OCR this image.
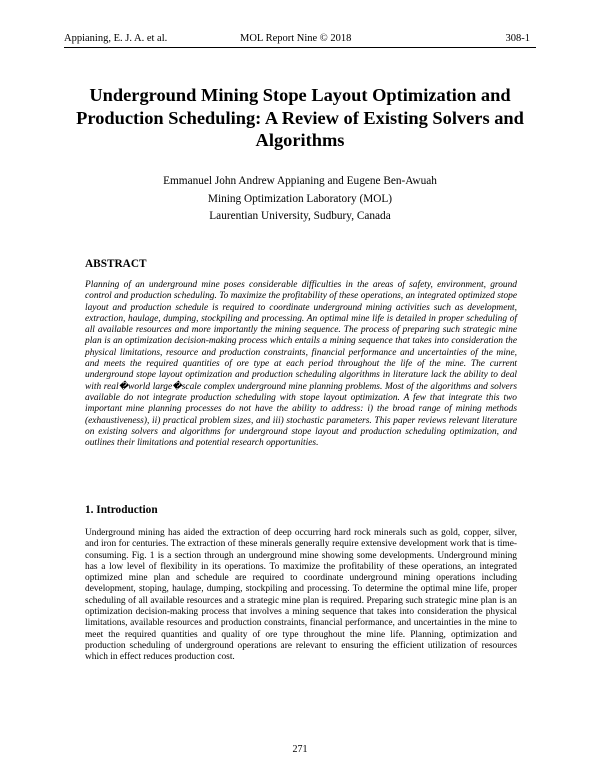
Appianing, E. J. A. et al.	MOL Report Nine © 2018	308-1
Underground Mining Stope Layout Optimization and Production Scheduling: A Review of Existing Solvers and Algorithms
Emmanuel John Andrew Appianing and Eugene Ben-Awuah
Mining Optimization Laboratory (MOL)
Laurentian University, Sudbury, Canada
ABSTRACT
Planning of an underground mine poses considerable difficulties in the areas of safety, environment, ground control and production scheduling. To maximize the profitability of these operations, an integrated optimized stope layout and production schedule is required to coordinate underground mining activities such as development, extraction, haulage, dumping, stockpiling and processing. An optimal mine life is detailed in proper scheduling of all available resources and more importantly the mining sequence. The process of preparing such strategic mine plan is an optimization decision-making process which entails a mining sequence that takes into consideration the physical limitations, resource and production constraints, financial performance and uncertainties of the mine, and meets the required quantities of ore type at each period throughout the life of the mine. The current underground stope layout optimization and production scheduling algorithms in literature lack the ability to deal with real�world large�scale complex underground mine planning problems. Most of the algorithms and solvers available do not integrate production scheduling with stope layout optimization. A few that integrate this two important mine planning processes do not have the ability to address: i) the broad range of mining methods (exhaustiveness), ii) practical problem sizes, and iii) stochastic parameters. This paper reviews relevant literature on existing solvers and algorithms for underground stope layout and production scheduling optimization, and outlines their limitations and potential research opportunities.
1. Introduction
Underground mining has aided the extraction of deep occurring hard rock minerals such as gold, copper, silver, and iron for centuries. The extraction of these minerals generally require extensive development work that is time-consuming. Fig. 1 is a section through an underground mine showing some developments. Underground mining has a low level of flexibility in its operations. To maximize the profitability of these operations, an integrated optimized mine plan and schedule are required to coordinate underground mining operations including development, stoping, haulage, dumping, stockpiling and processing. To determine the optimal mine life, proper scheduling of all available resources and a strategic mine plan is required. Preparing such strategic mine plan is an optimization decision-making process that involves a mining sequence that takes into consideration the physical limitations, available resources and production constraints, financial performance, and uncertainties in the mine to meet the required quantities and quality of ore type throughout the mine life. Planning, optimization and production scheduling of underground operations are relevant to ensuring the efficient utilization of resources which in effect reduces production cost.
271
